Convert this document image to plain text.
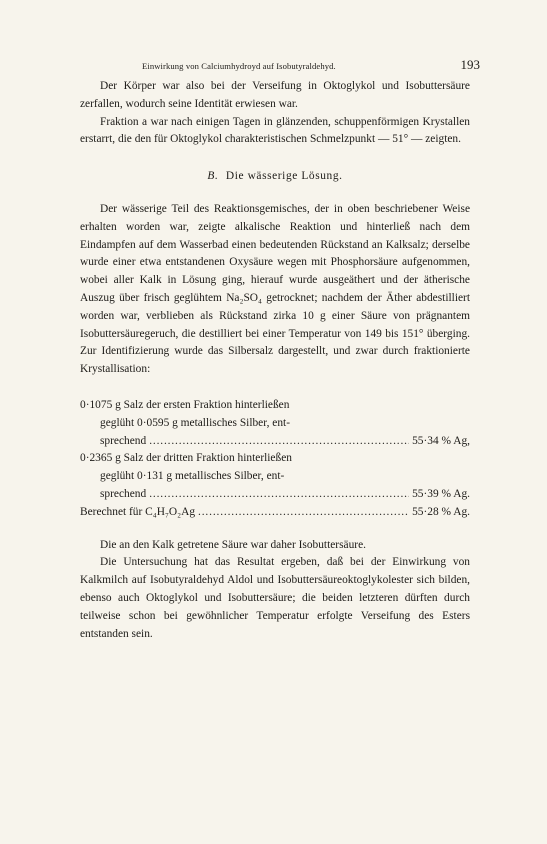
Einwirkung von Calciumhydroyd auf Isobutyraldehyd.	193

Der Körper war also bei der Verseifung in Oktoglykol und Isobuttersäure zerfallen, wodurch seine Identität erwiesen war.

Fraktion a war nach einigen Tagen in glänzenden, schuppenförmigen Krystallen erstarrt, die den für Oktoglykol charakteristischen Schmelzpunkt — 51° — zeigten.

B. Die wässerige Lösung.

Der wässerige Teil des Reaktionsgemisches, der in oben beschriebener Weise erhalten worden war, zeigte alkalische Reaktion und hinterließ nach dem Eindampfen auf dem Wasserbad einen bedeutenden Rückstand an Kalksalz; derselbe wurde einer etwa entstandenen Oxysäure wegen mit Phosphorsäure aufgenommen, wobei aller Kalk in Lösung ging, hierauf wurde ausgeäthert und der ätherische Auszug über frisch geglühtem Na₂SO₄ getrocknet; nachdem der Äther abdestilliert worden war, verblieben als Rückstand zirka 10 g einer Säure von prägnantem Isobuttersäuregeruch, die destilliert bei einer Temperatur von 149 bis 151° überging. Zur Identifizierung wurde das Silbersalz dargestellt, und zwar durch fraktionierte Krystallisation:

0·1075 g Salz der ersten Fraktion hinterließen
geglüht 0·0595 g metallisches Silber, ent-
sprechend . . .	55·34 % Ag,
0·2365 g Salz der dritten Fraktion hinterließen
geglüht 0·131 g metallisches Silber, ent-
sprechend . . .	55·39 % Ag.
Berechnet für C₄H₇O₂Ag . . .	55·28 % Ag.

Die an den Kalk getretene Säure war daher Isobuttersäure.

Die Untersuchung hat das Resultat ergeben, daß bei der Einwirkung von Kalkmilch auf Isobutyraldehyd Aldol und Isobuttersäureoktoglykolester sich bilden, ebenso auch Oktoglykol und Isobuttersäure; die beiden letzteren dürften durch teilweise schon bei gewöhnlicher Temperatur erfolgte Verseifung des Esters entstanden sein.
